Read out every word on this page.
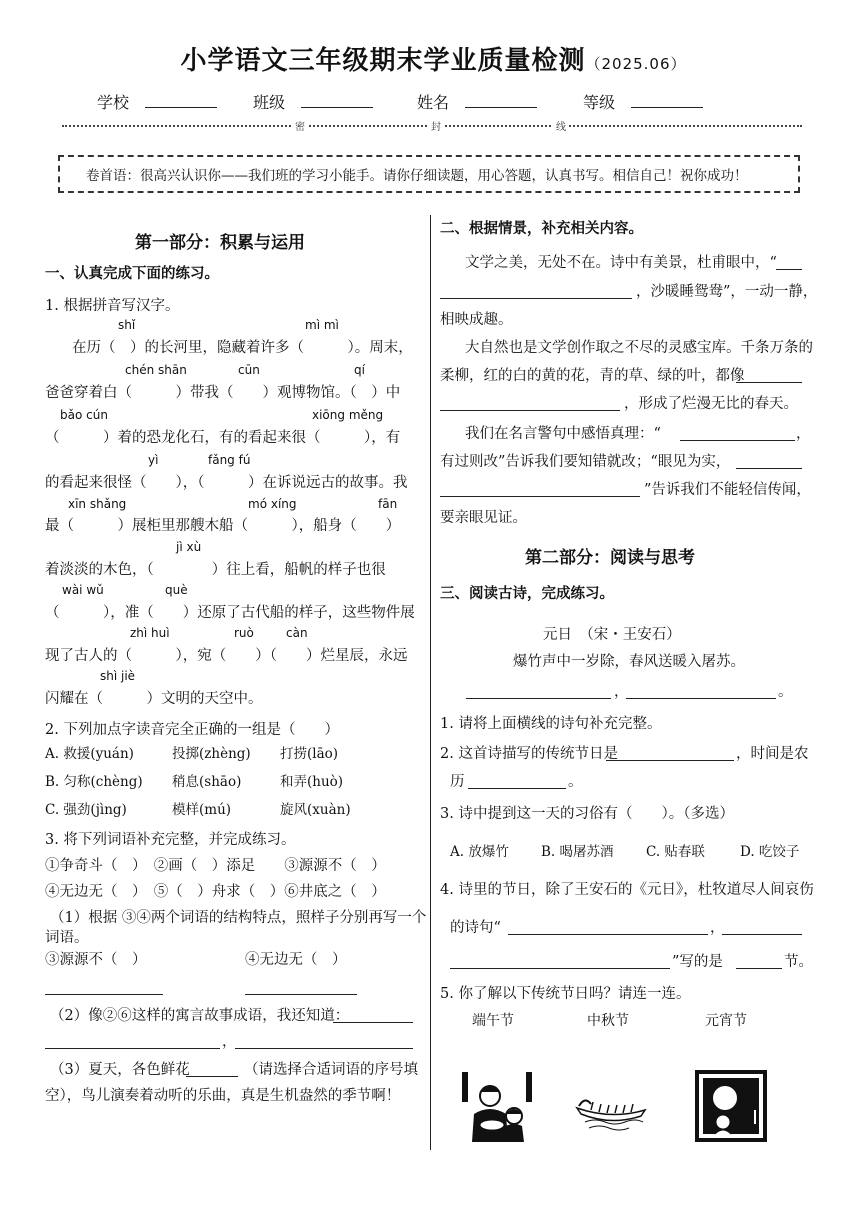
小学语文三年级期末学业质量检测（2025.06）
学校　	班级　	姓名　	等级　
密	封	线
卷首语：很高兴认识你——我们班的学习小能手。请你仔细读题，用心答题，认真书写。相信自己！祝你成功！
第一部分：积累与运用
一、认真完成下面的练习。
1. 根据拼音写汉字。
shǐ	mì mì
在历（　）的长河里，隐藏着许多（　　　）。周末，
chén shān	cūn	qí
爸爸穿着白（　　　）带我（　　）观博物馆。（　）中
bǎo cún	xiōng měng
（　　　）着的恐龙化石，有的看起来很（　　　），有
yì	fǎng fú
的看起来很怪（　　），（　　　）在诉说远古的故事。我
xīn shǎng	mó xíng	fān
最（　　　）展柜里那艘木船（　　　），船身（　　）
jì xù
着淡淡的木色，（　　　　）往上看，船帆的样子也很
wài wǔ	què
（　　　），准（　　）还原了古代船的样子，这些物件展
zhì huì	ruò	càn
现了古人的（　　　），宛（　　）（　　）烂星辰，永远
shì jiè
闪耀在（　　　）文明的天空中。
2. 下列加点字读音完全正确的一组是（　　）
A. 救援(yuán)	投掷(zhèng) 打捞(lāo)
B. 匀称(chèng) 稍息(shāo)	和弄(huò)
C. 强劲(jìng)	模样(mú)	旋风(xuàn)
3. 将下列词语补充完整，并完成练习。
①争奇斗（　）　②画（　）添足　　③源源不（　）
④无边无（　）　⑤（　）舟求（　）⑥井底之（　）
（1）根据 ③④两个词语的结构特点，照样子分别再写一个
词语。
③源源不（　）	④无边无（　）
（2）像②⑥这样的寓言故事成语，我还知道：
，
（3）夏天，各色鲜花	（请选择合适词语的序号填
空），鸟儿演奏着动听的乐曲，真是生机盎然的季节啊！
二、根据情景，补充相关内容。
文学之美，无处不在。诗中有美景，杜甫眼中，“
，沙暖睡鸳鸯”，一动一静，
相映成趣。
大自然也是文学创作取之不尽的灵感宝库。千条万条的
柔柳，红的白的黄的花，青的草、绿的叶，都像
，形成了烂漫无比的春天。
我们在名言警句中感悟真理：“	，
有过则改”告诉我们要知错就改；“眼见为实，
”告诉我们不能轻信传闻，
要亲眼见证。
第二部分：阅读与思考
三、阅读古诗，完成练习。
元日　（宋・王安石）
爆竹声中一岁除，春风送暖入屠苏。
，	。
1. 请将上面横线的诗句补充完整。
2. 这首诗描写的传统节日是	，时间是农
历	。
3. 诗中提到这一天的习俗有（　　）。（多选）
A. 放爆竹 B. 喝屠苏酒 C. 贴春联	D. 吃饺子
4. 诗里的节日，除了王安石的《元日》，杜牧道尽人间哀伤
的诗句“	，
”写的是	节。
5. 你了解以下传统节日吗？请连一连。
端午节	中秋节	元宵节
